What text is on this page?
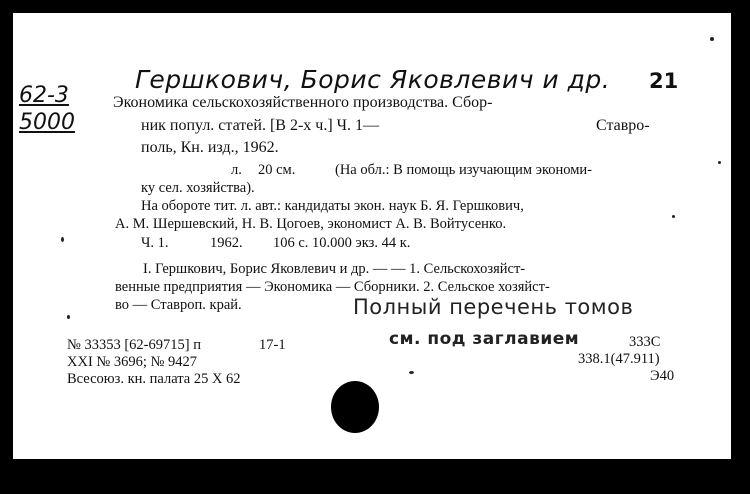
Гершкович, Борис Яковлевич и др. 21
62-3
5000
Экономика сельскохозяйственного производства. Сбор-
ник попул. статей. [В 2-х ч.] Ч. 1—	Ставро-
поль, Кн. изд., 1962.
л. 20 см.	(На обл.: В помощь изучающим экономи-
ку сел. хозяйства).
На обороте тит. л. авт.: кандидаты экон. наук Б. Я. Гершкович,
А. М. Шершевский, Н. В. Цогоев, экономист А. В. Войтусенко.
Ч. 1.	1962. 106 с. 10.000 экз. 44 к.
I. Гершкович, Борис Яковлевич и др. — — 1. Сельскохозяйст-
венные предприятия — Экономика — Сборники. 2. Сельское хозяйст-
во — Ставроп. край.	Полный перечень томов
см. под заглавием
№ 33353 [62-69715] п	17-1
XXI № 3696; № 9427
Всесоюз. кн. палата 25 X 62
333С
338.1(47.911)
Э40
